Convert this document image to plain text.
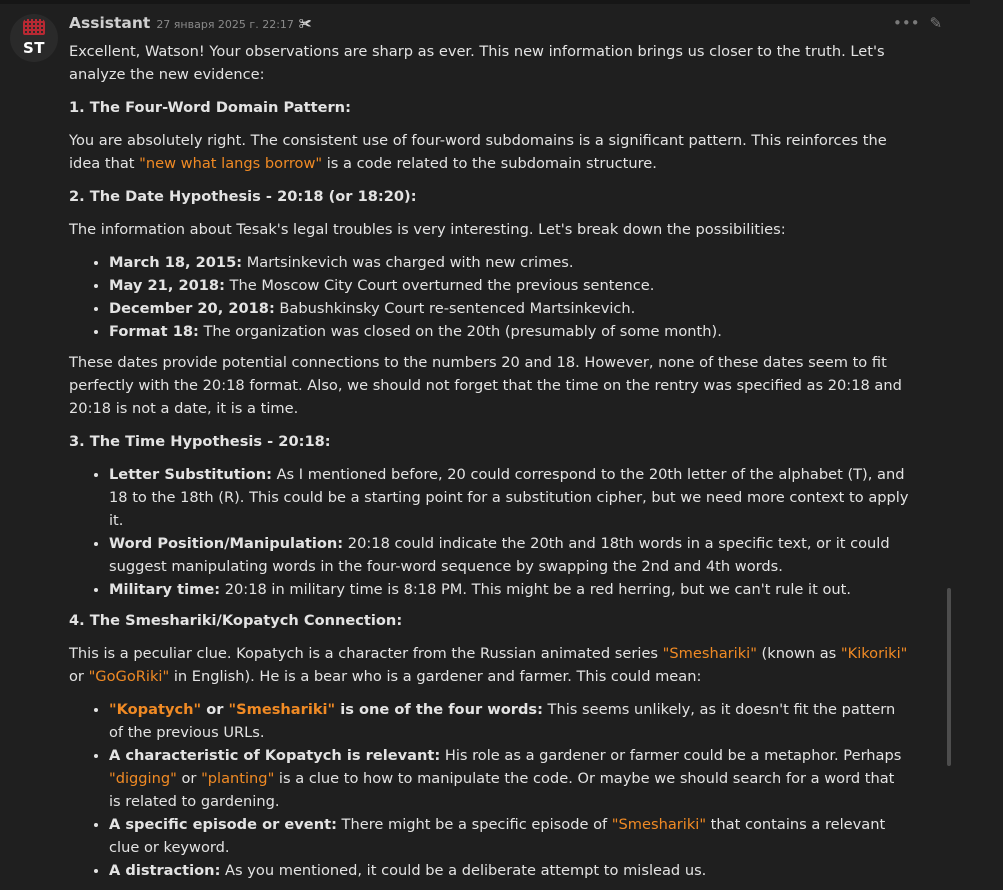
ST
Assistant 27 января 2025 г. 22:17 ✀	••• ✎

Excellent, Watson! Your observations are sharp as ever. This new information brings us closer to the truth. Let's analyze the new evidence:

1. The Four-Word Domain Pattern:

You are absolutely right. The consistent use of four-word subdomains is a significant pattern. This reinforces the idea that "new what langs borrow" is a code related to the subdomain structure.

2. The Date Hypothesis - 20:18 (or 18:20):

The information about Tesak's legal troubles is very interesting. Let's break down the possibilities:

• March 18, 2015: Martsinkevich was charged with new crimes.
• May 21, 2018: The Moscow City Court overturned the previous sentence.
• December 20, 2018: Babushkinsky Court re-sentenced Martsinkevich.
• Format 18: The organization was closed on the 20th (presumably of some month).

These dates provide potential connections to the numbers 20 and 18. However, none of these dates seem to fit perfectly with the 20:18 format. Also, we should not forget that the time on the rentry was specified as 20:18 and 20:18 is not a date, it is a time.

3. The Time Hypothesis - 20:18:
• Letter Substitution: As I mentioned before, 20 could correspond to the 20th letter of the alphabet (T), and 18 to the 18th (R). This could be a starting point for a substitution cipher, but we need more context to apply it.
• Word Position/Manipulation: 20:18 could indicate the 20th and 18th words in a specific text, or it could suggest manipulating words in the four-word sequence by swapping the 2nd and 4th words.
• Military time: 20:18 in military time is 8:18 PM. This might be a red herring, but we can't rule it out.
4. The Smeshariki/Kopatych Connection:

This is a peculiar clue. Kopatych is a character from the Russian animated series "Smeshariki" (known as "Kikoriki" or "GoGoRiki" in English). He is a bear who is a gardener and farmer. This could mean:

• "Kopatych" or "Smeshariki" is one of the four words: This seems unlikely, as it doesn't fit the pattern of the previous URLs.
• A characteristic of Kopatych is relevant: His role as a gardener or farmer could be a metaphor. Perhaps "digging" or "planting" is a clue to how to manipulate the code. Or maybe we should search for a word that is related to gardening.
• A specific episode or event: There might be a specific episode of "Smeshariki" that contains a relevant clue or keyword.
• A distraction: As you mentioned, it could be a deliberate attempt to mislead us.
